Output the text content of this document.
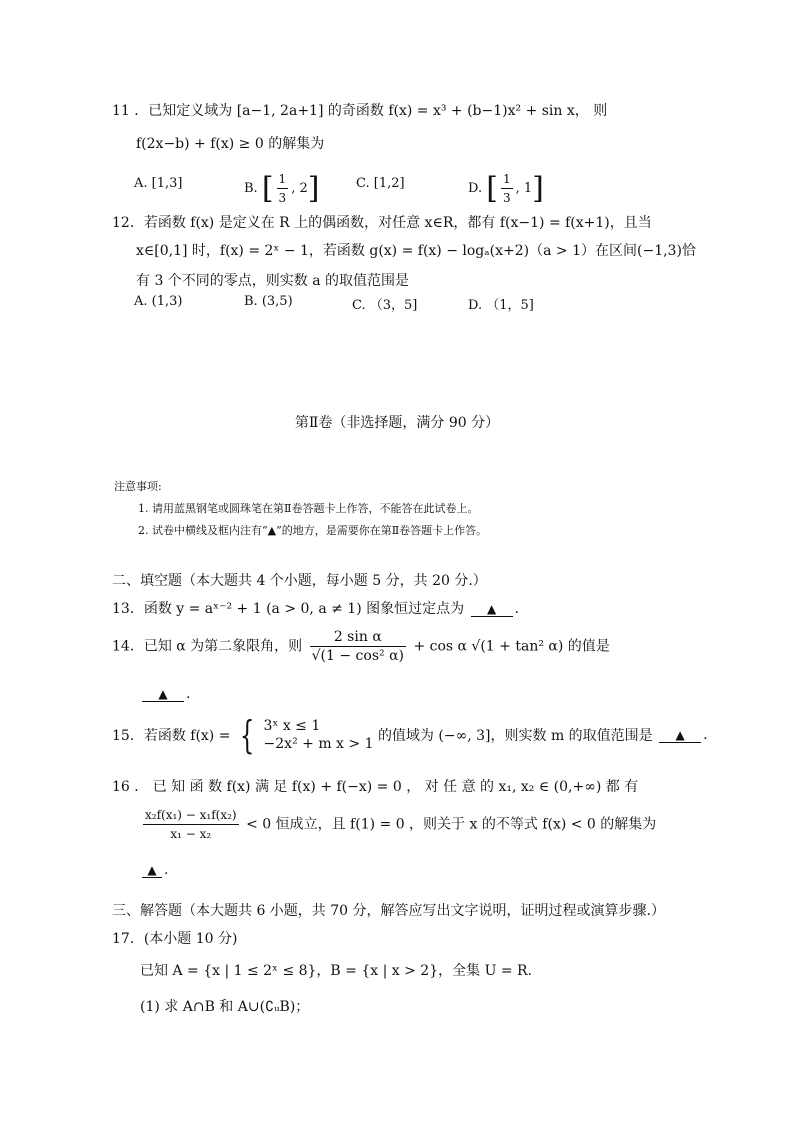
11 ．已知定义域为 [a−1, 2a+1] 的奇函数 f(x) = x³ + (b−1)x² + sin x， 则
f(2x−b) + f(x) ≥ 0 的解集为
A. [1,3]	B. [ $\frac{1}{3}$ , 2]	C. [1,2]	D. [ $\frac{1}{3}$ , 1]
12．若函数 f(x) 是定义在 R 上的偶函数，对任意 x∈R，都有 f(x−1) = f(x+1)，且当
x∈[0,1] 时，f(x) = 2ˣ − 1，若函数 g(x) = f(x) − logₐ(x+2)（a > 1）在区间(−1,3)恰
有 3 个不同的零点，则实数 a 的取值范围是
A. (1,3)	B. (3,5)	C. （3，5]	D. （1，5]
第Ⅱ卷（非选择题，满分 90 分）
注意事项:
1. 请用蓝黑钢笔或圆珠笔在第Ⅱ卷答题卡上作答，不能答在此试卷上。
2. 试卷中横线及框内注有“▲”的地方，是需要你在第Ⅱ卷答题卡上作答。
二、填空题（本大题共 4 个小题，每小题 5 分，共 20 分.）
13．函数 y = aˣ⁻² + 1 (a > 0, a ≠ 1) 图象恒过定点为 ▲ .
14．已知 α 为第二象限角，则 $\frac{\text{2 sin α}}{\text{√(1 − cos² α)}} + \cos \alpha$ √(1 + tan² α) 的值是
▲ .
15．若函数 f(x) = { 3ˣ x ≤ 1
−2x² + m x > 1 的值域为 (−∞, 3]，则实数 m 的取值范围是 ▲ .
16 ． 已 知 函 数 f(x) 满 足 f(x) + f(−x) = 0 ， 对 任 意 的 x₁, x₂ ∈ (0,+∞) 都 有
$\frac{\text{x₂f(x₁) − x₁f(x₂)}}{\text{x₁ − x₂}} < 0$ 恒成立，且 f(1) = 0 ，则关于 x 的不等式 f(x) < 0 的解集为
▲ .
三、解答题（本大题共 6 小题，共 70 分，解答应写出文字说明，证明过程或演算步骤.）
17．(本小题 10 分)
已知 A = {x | 1 ≤ 2ˣ ≤ 8}，B = {x | x > 2}，全集 U = R.
(1) 求 A∩B 和 A∪(∁ᵤB)；
